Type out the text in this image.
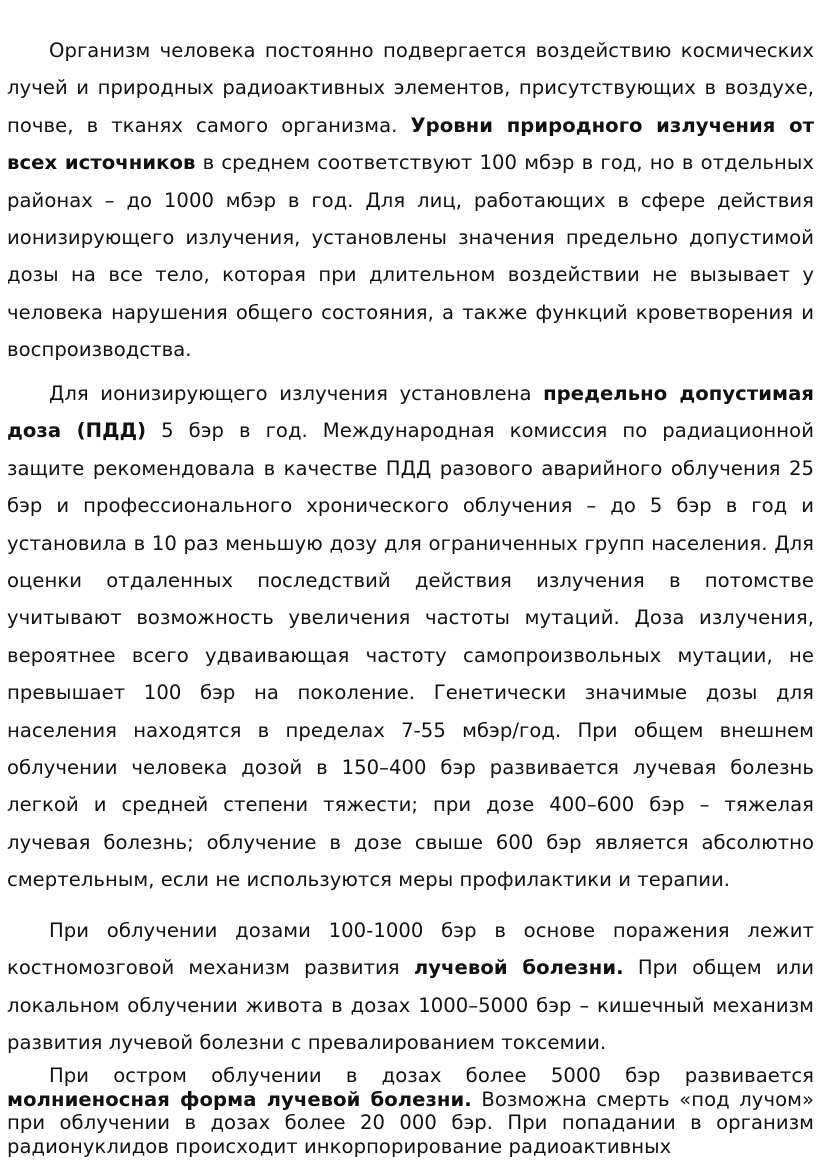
Организм человека постоянно подвергается воздействию космических лучей и природных радиоактивных элементов, присутствующих в воздухе, почве, в тканях самого организма. Уровни природного излучения от всех источников в среднем соответствуют 100 мбэр в год, но в отдельных районах – до 1000 мбэр в год. Для лиц, работающих в сфере действия ионизирующего излучения, установлены значения предельно допустимой дозы на все тело, которая при длительном воздействии не вызывает у человека нарушения общего состояния, а также функций кроветворения и воспроизводства.

Для ионизирующего излучения установлена предельно допустимая доза (ПДД) 5 бэр в год. Международная комиссия по радиационной защите рекомендовала в качестве ПДД разового аварийного облучения 25 бэр и профессионального хронического облучения – до 5 бэр в год и установила в 10 раз меньшую дозу для ограниченных групп населения. Для оценки отдаленных последствий действия излучения в потомстве учитывают возможность увеличения частоты мутаций. Доза излучения, вероятнее всего удваивающая частоту самопроизвольных мутации, не превышает 100 бэр на поколение. Генетически значимые дозы для населения находятся в пределах 7-55 мбэр/год. При общем внешнем облучении человека дозой в 150–400 бэр развивается лучевая болезнь легкой и средней степени тяжести; при дозе 400–600 бэр – тяжелая лучевая болезнь; облучение в дозе свыше 600 бэр является абсолютно смертельным, если не используются меры профилактики и терапии.

При облучении дозами 100-1000 бэр в основе поражения лежит костномозговой механизм развития лучевой болезни. При общем или локальном облучении живота в дозах 1000–5000 бэр – кишечный механизм развития лучевой болезни с превалированием токсемии.

При остром облучении в дозах более 5000 бэр развивается молниеносная форма лучевой болезни. Возможна смерть «под лучом» при облучении в дозах более 20 000 бэр. При попадании в организм радионуклидов происходит инкорпорирование радиоактивных
